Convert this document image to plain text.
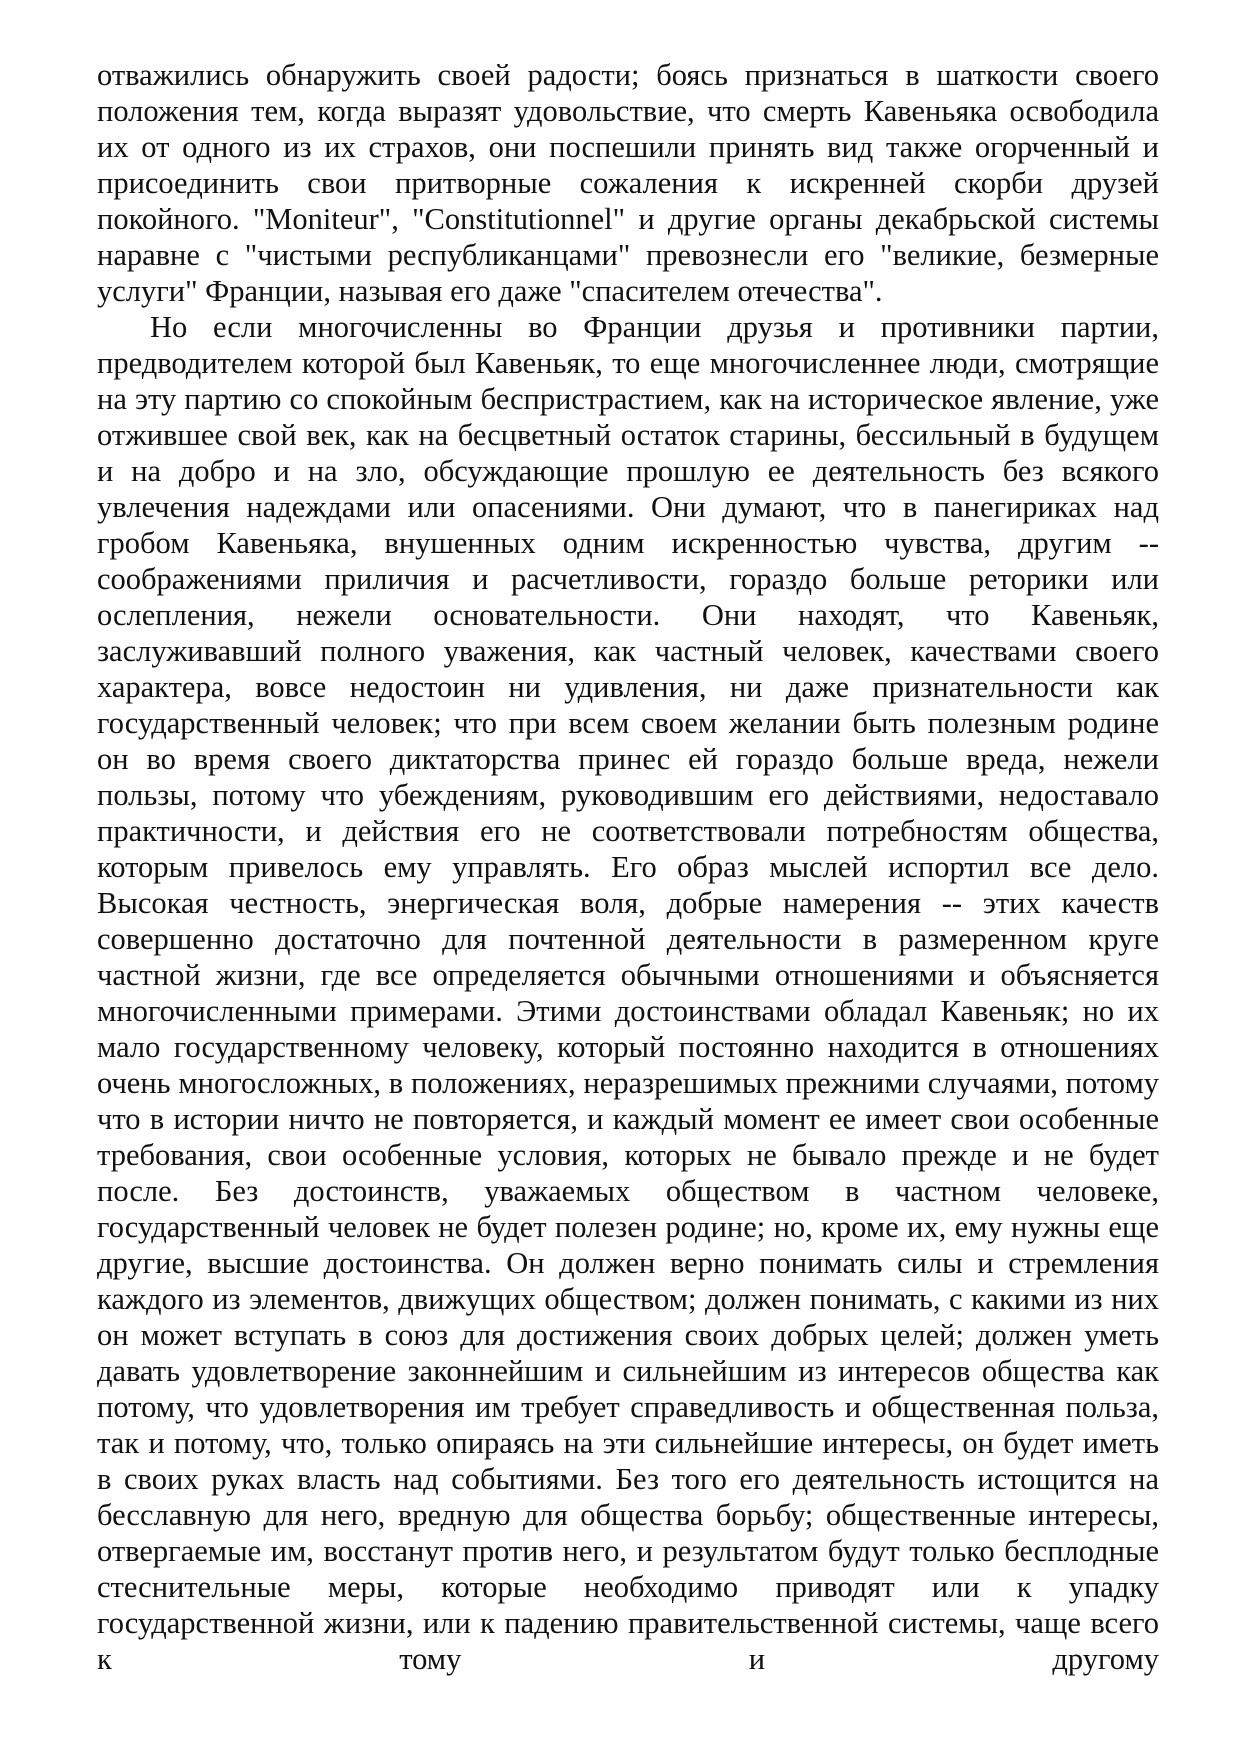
отважились обнаружить своей радости; боясь признаться в шаткости своего положения тем, когда выразят удовольствие, что смерть Кавеньяка освободила их от одного из их страхов, они поспешили принять вид также огорченный и присоединить свои притворные сожаления к искренней скорби друзей покойного. "Moniteur", "Constitutionnel" и другие органы декабрьской системы наравне с "чистыми республиканцами" превознесли его "великие, безмерные услуги" Франции, называя его даже "спасителем отечества".

Но если многочисленны во Франции друзья и противники партии, предводителем которой был Кавеньяк, то еще многочисленнее люди, смотрящие на эту партию со спокойным беспристрастием, как на историческое явление, уже отжившее свой век, как на бесцветный остаток старины, бессильный в будущем и на добро и на зло, обсуждающие прошлую ее деятельность без всякого увлечения надеждами или опасениями. Они думают, что в панегириках над гробом Кавеньяка, внушенных одним искренностью чувства, другим -- соображениями приличия и расчетливости, гораздо больше реторики или ослепления, нежели основательности. Они находят, что Кавеньяк, заслуживавший полного уважения, как частный человек, качествами своего характера, вовсе недостоин ни удивления, ни даже признательности как государственный человек; что при всем своем желании быть полезным родине он во время своего диктаторства принес ей гораздо больше вреда, нежели пользы, потому что убеждениям, руководившим его действиями, недоставало практичности, и действия его не соответствовали потребностям общества, которым привелось ему управлять. Его образ мыслей испортил все дело. Высокая честность, энергическая воля, добрые намерения -- этих качеств совершенно достаточно для почтенной деятельности в размеренном круге частной жизни, где все определяется обычными отношениями и объясняется многочисленными примерами. Этими достоинствами обладал Кавеньяк; но их мало государственному человеку, который постоянно находится в отношениях очень многосложных, в положениях, неразрешимых прежними случаями, потому что в истории ничто не повторяется, и каждый момент ее имеет свои особенные требования, свои особенные условия, которых не бывало прежде и не будет после. Без достоинств, уважаемых обществом в частном человеке, государственный человек не будет полезен родине; но, кроме их, ему нужны еще другие, высшие достоинства. Он должен верно понимать силы и стремления каждого из элементов, движущих обществом; должен понимать, с какими из них он может вступать в союз для достижения своих добрых целей; должен уметь давать удовлетворение законнейшим и сильнейшим из интересов общества как потому, что удовлетворения им требует справедливость и общественная польза, так и потому, что, только опираясь на эти сильнейшие интересы, он будет иметь в своих руках власть над событиями. Без того его деятельность истощится на бесславную для него, вредную для общества борьбу; общественные интересы, отвергаемые им, восстанут против него, и результатом будут только бесплодные стеснительные меры, которые необходимо приводят или к упадку государственной жизни, или к падению правительственной системы, чаще всего к тому и другому
